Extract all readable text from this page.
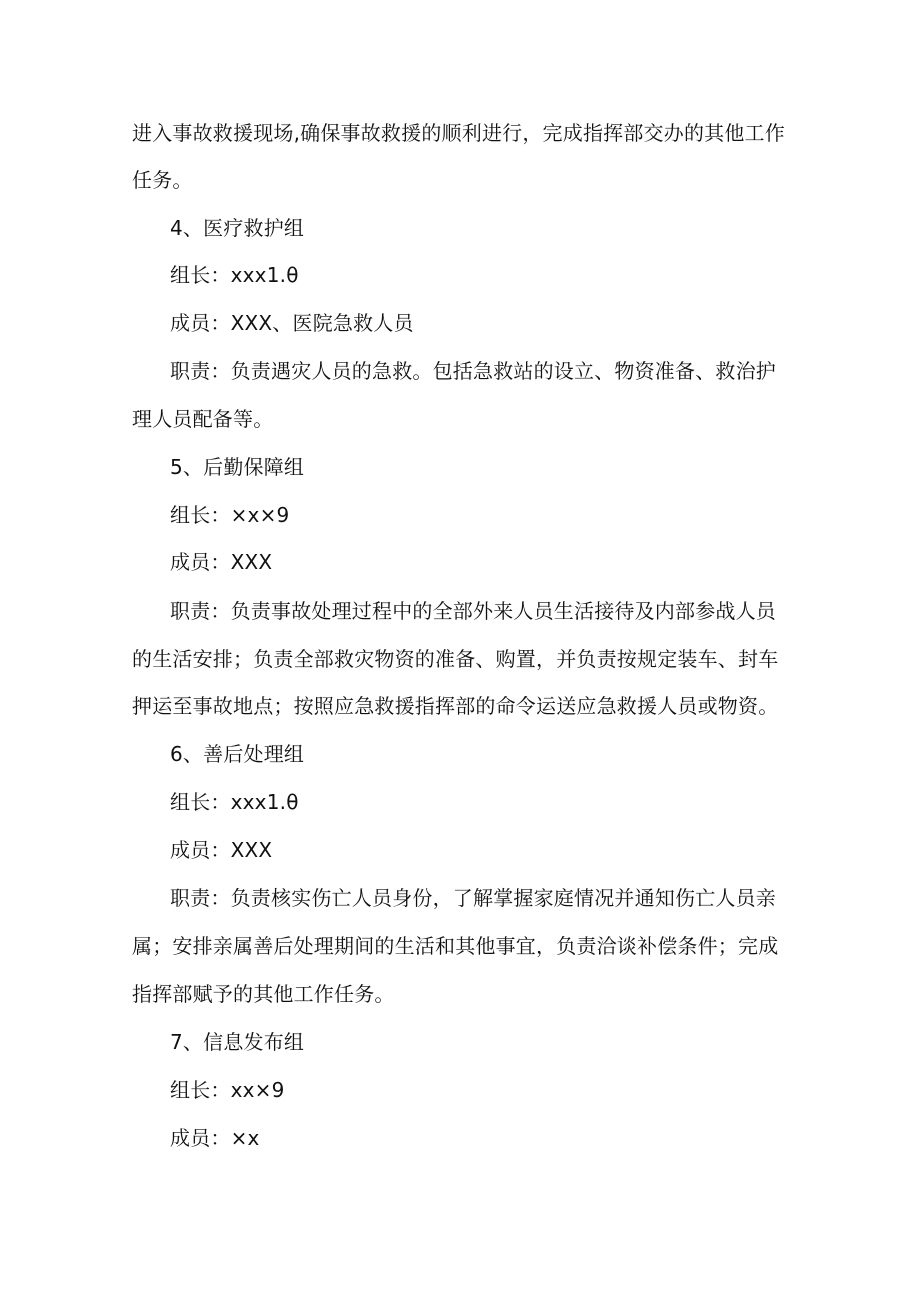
进入事故救援现场,确保事故救援的顺利进行，完成指挥部交办的其他工作
任务。
4、医疗救护组
组长：xxx1.θ
成员：XXX、医院急救人员
职责：负责遇灾人员的急救。包括急救站的设立、物资准备、救治护
理人员配备等。
5、后勤保障组
组长：×x×9
成员：XXX
职责：负责事故处理过程中的全部外来人员生活接待及内部参战人员
的生活安排；负责全部救灾物资的准备、购置，并负责按规定装车、封车
押运至事故地点；按照应急救援指挥部的命令运送应急救援人员或物资。
6、善后处理组
组长：xxx1.θ
成员：XXX
职责：负责核实伤亡人员身份，了解掌握家庭情况并通知伤亡人员亲
属；安排亲属善后处理期间的生活和其他事宜，负责洽谈补偿条件；完成
指挥部赋予的其他工作任务。
7、信息发布组
组长：xx×9
成员：×x
